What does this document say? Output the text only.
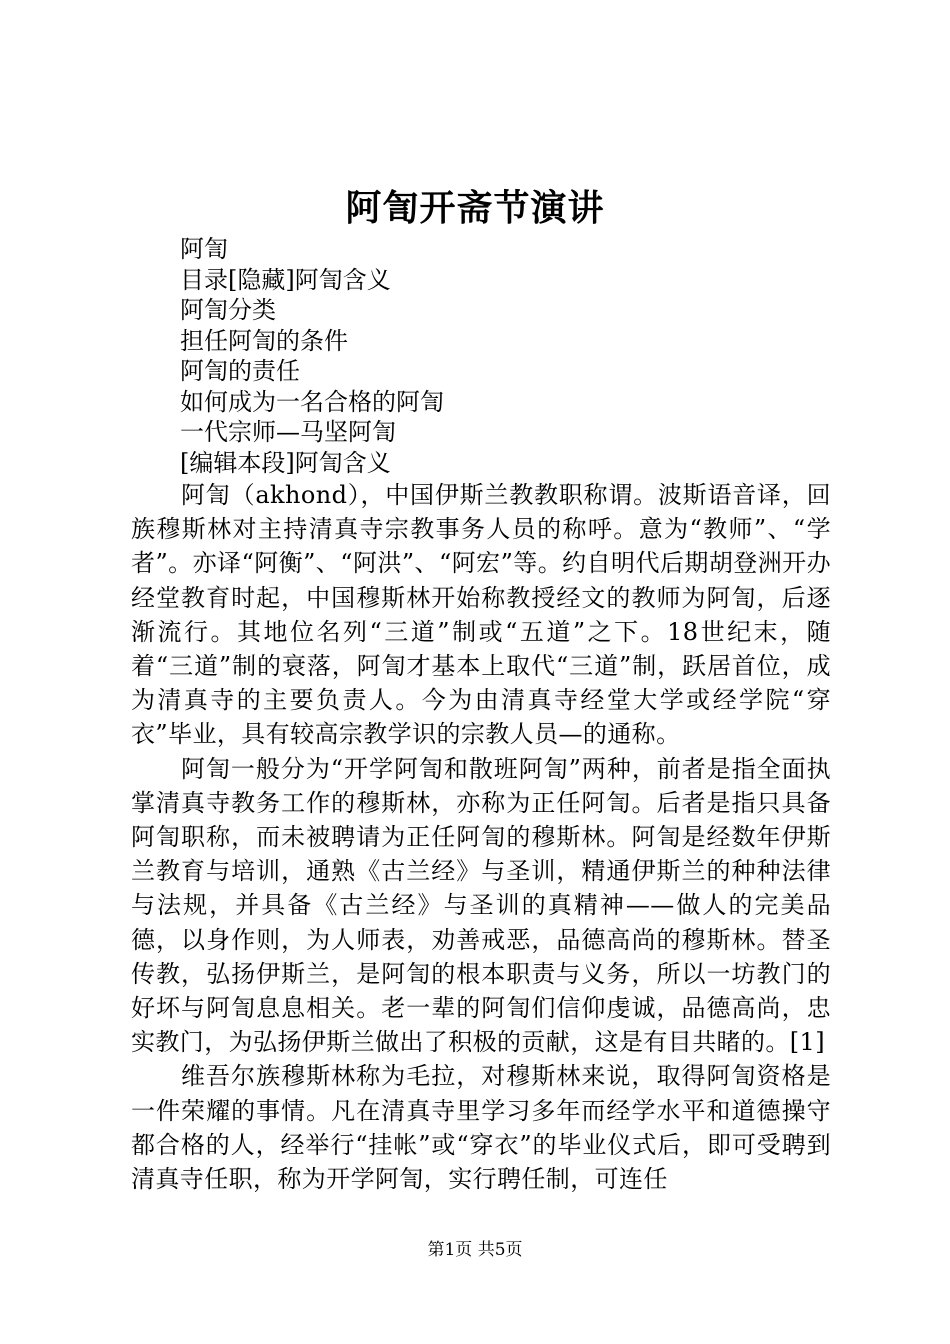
阿訇开斋节演讲
阿訇
目录[隐藏]阿訇含义
阿訇分类
担任阿訇的条件
阿訇的责任
如何成为一名合格的阿訇
一代宗师—马坚阿訇
[编辑本段]阿訇含义

阿訇（akhond），中国伊斯兰教教职称谓。波斯语音译，回族穆斯林对主持清真寺宗教事务人员的称呼。意为“教师”、“学者”。亦译“阿衡”、“阿洪”、“阿宏”等。约自明代后期胡登洲开办经堂教育时起，中国穆斯林开始称教授经文的教师为阿訇，后逐渐流行。其地位名列“三道”制或“五道”之下。18世纪末，随着“三道”制的衰落，阿訇才基本上取代“三道”制，跃居首位，成为清真寺的主要负责人。今为由清真寺经堂大学或经学院“穿衣”毕业，具有较高宗教学识的宗教人员—的通称。

阿訇一般分为“开学阿訇和散班阿訇”两种，前者是指全面执掌清真寺教务工作的穆斯林，亦称为正任阿訇。后者是指只具备阿訇职称，而未被聘请为正任阿訇的穆斯林。阿訇是经数年伊斯兰教育与培训，通熟《古兰经》与圣训，精通伊斯兰的种种法律与法规，并具备《古兰经》与圣训的真精神——做人的完美品德，以身作则，为人师表，劝善戒恶，品德高尚的穆斯林。替圣传教，弘扬伊斯兰，是阿訇的根本职责与义务，所以一坊教门的好坏与阿訇息息相关。老一辈的阿訇们信仰虔诚，品德高尚，忠实教门，为弘扬伊斯兰做出了积极的贡献，这是有目共睹的。[1]

维吾尔族穆斯林称为毛拉，对穆斯林来说，取得阿訇资格是一件荣耀的事情。凡在清真寺里学习多年而经学水平和道德操守都合格的人，经举行“挂帐”或“穿衣”的毕业仪式后，即可受聘到清真寺任职，称为开学阿訇，实行聘任制，可连任

第1页 共5页
